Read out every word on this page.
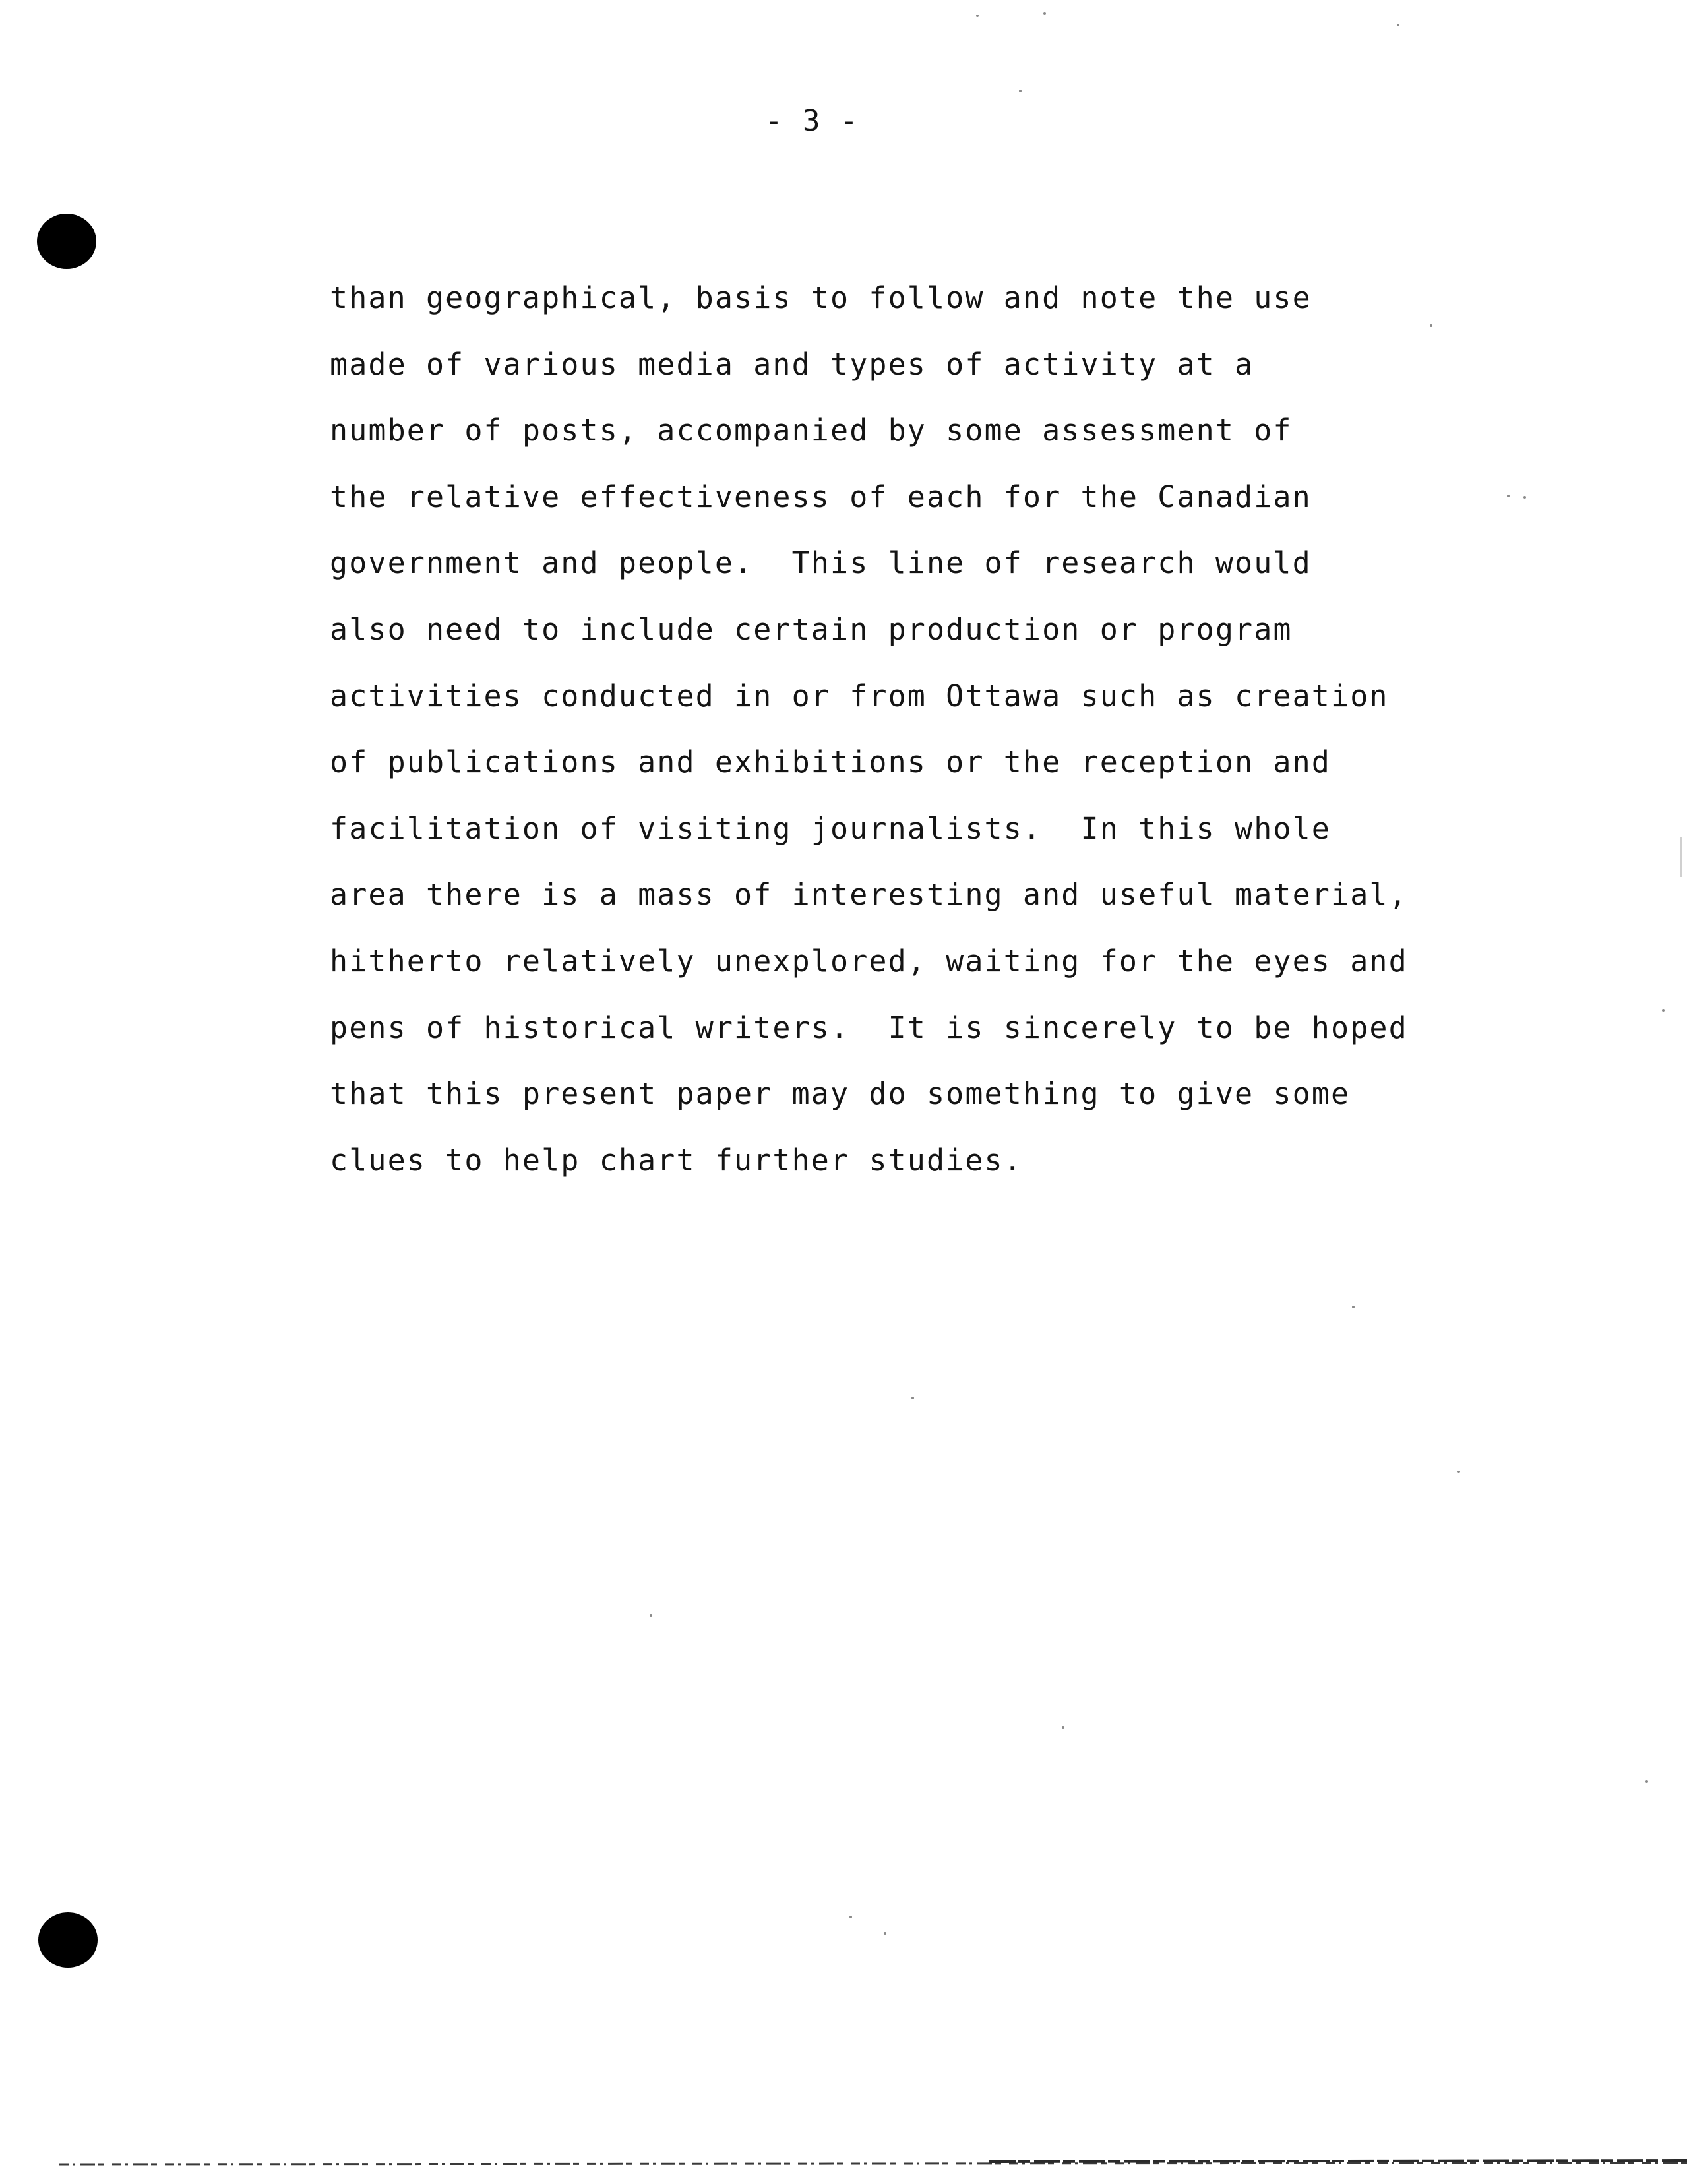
- 3 -
than geographical, basis to follow and note the use
made of various media and types of activity at a
number of posts, accompanied by some assessment of
the relative effectiveness of each for the Canadian
government and people.  This line of research would
also need to include certain production or program
activities conducted in or from Ottawa such as creation
of publications and exhibitions or the reception and
facilitation of visiting journalists.  In this whole
area there is a mass of interesting and useful material,
hitherto relatively unexplored, waiting for the eyes and
pens of historical writers.  It is sincerely to be hoped
that this present paper may do something to give some
clues to help chart further studies.
